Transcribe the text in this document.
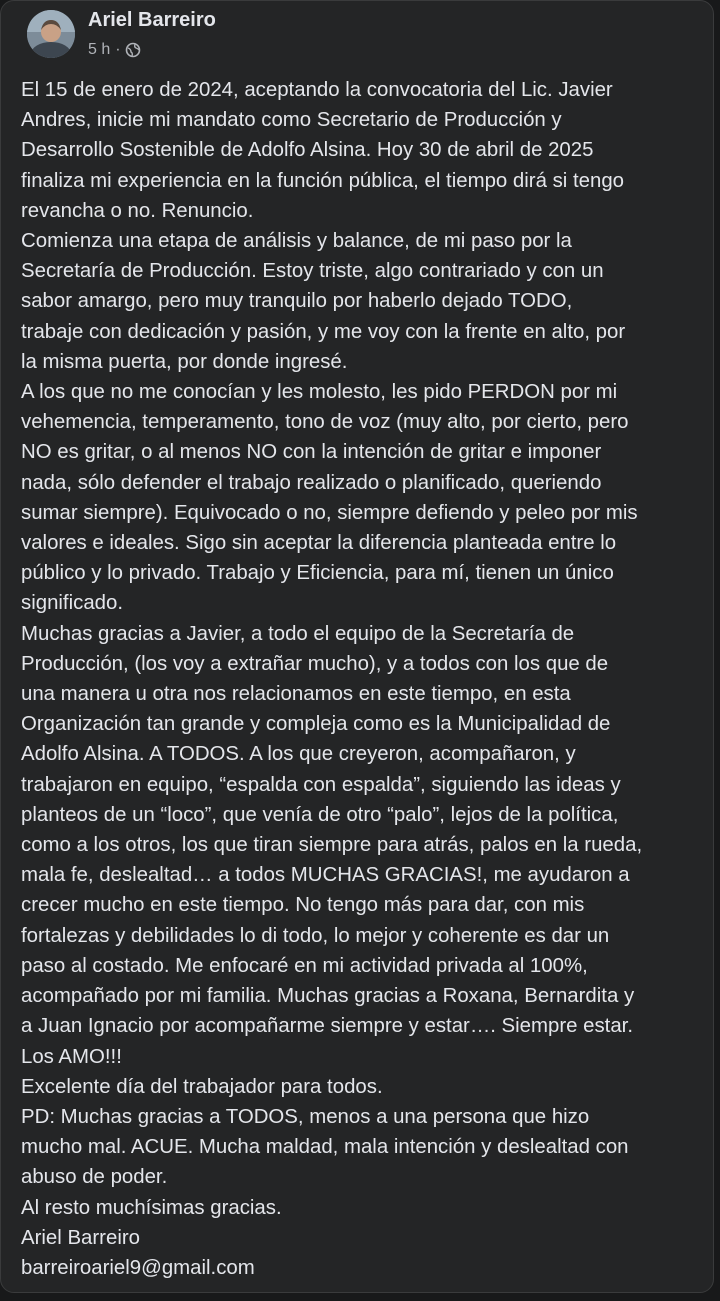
Ariel Barreiro
5 h ·
El 15 de enero de 2024, aceptando la convocatoria del Lic. Javier
Andres, inicie mi mandato como Secretario de Producción y
Desarrollo Sostenible de Adolfo Alsina. Hoy 30 de abril de 2025
finaliza mi experiencia en la función pública, el tiempo dirá si tengo
revancha o no. Renuncio.
Comienza una etapa de análisis y balance, de mi paso por la
Secretaría de Producción. Estoy triste, algo contrariado y con un
sabor amargo, pero muy tranquilo por haberlo dejado TODO,
trabaje con dedicación y pasión, y me voy con la frente en alto, por
la misma puerta, por donde ingresé.
A los que no me conocían y les molesto, les pido PERDON por mi
vehemencia, temperamento, tono de voz (muy alto, por cierto, pero
NO es gritar, o al menos NO con la intención de gritar e imponer
nada, sólo defender el trabajo realizado o planificado, queriendo
sumar siempre). Equivocado o no, siempre defiendo y peleo por mis
valores e ideales. Sigo sin aceptar la diferencia planteada entre lo
público y lo privado. Trabajo y Eficiencia, para mí, tienen un único
significado.
Muchas gracias a Javier, a todo el equipo de la Secretaría de
Producción, (los voy a extrañar mucho), y a todos con los que de
una manera u otra nos relacionamos en este tiempo, en esta
Organización tan grande y compleja como es la Municipalidad de
Adolfo Alsina. A TODOS. A los que creyeron, acompañaron, y
trabajaron en equipo, “espalda con espalda”, siguiendo las ideas y
planteos de un “loco”, que venía de otro “palo”, lejos de la política,
como a los otros, los que tiran siempre para atrás, palos en la rueda,
mala fe, deslealtad… a todos MUCHAS GRACIAS!, me ayudaron a
crecer mucho en este tiempo. No tengo más para dar, con mis
fortalezas y debilidades lo di todo, lo mejor y coherente es dar un
paso al costado. Me enfocaré en mi actividad privada al 100%,
acompañado por mi familia. Muchas gracias a Roxana, Bernardita y
a Juan Ignacio por acompañarme siempre y estar…. Siempre estar.
Los AMO!!!
Excelente día del trabajador para todos.
PD: Muchas gracias a TODOS, menos a una persona que hizo
mucho mal. ACUE. Mucha maldad, mala intención y deslealtad con
abuso de poder.
Al resto muchísimas gracias.
Ariel Barreiro
barreiroariel9@gmail.com
